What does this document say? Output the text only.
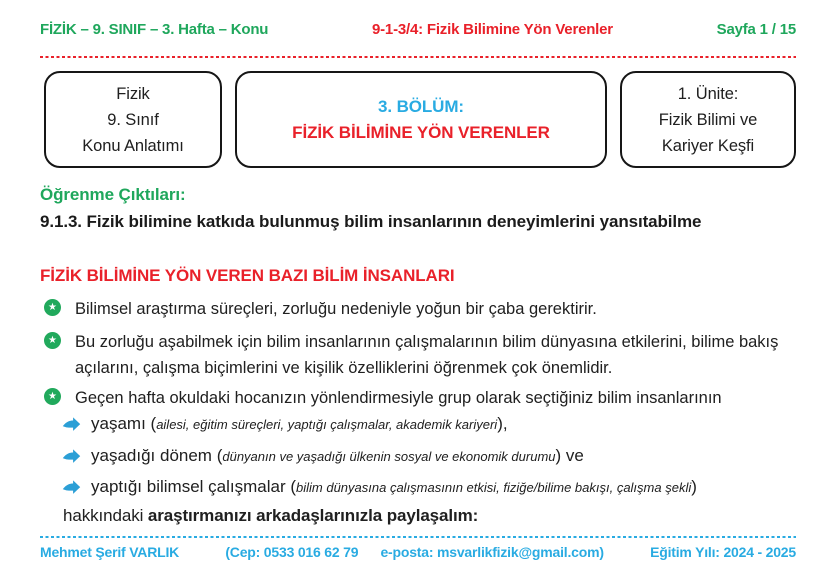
FİZİK – 9. SINIF – 3. Hafta – Konu	9-1-3/4: Fizik Bilimine Yön Verenler	Sayfa 1 / 15
Fizik
9. Sınıf
Konu Anlatımı
3. BÖLÜM:
FİZİK BİLİMİNE YÖN VERENLER
1. Ünite:
Fizik Bilimi ve
Kariyer Keşfi
Öğrenme Çıktıları:
9.1.3. Fizik bilimine katkıda bulunmuş bilim insanlarının deneyimlerini yansıtabilme
FİZİK BİLİMİNE YÖN VEREN BAZI BİLİM İNSANLARI
★ Bilimsel araştırma süreçleri, zorluğu nedeniyle yoğun bir çaba gerektirir.
★ Bu zorluğu aşabilmek için bilim insanlarının çalışmalarının bilim dünyasına etkilerini, bilime bakış açılarını, çalışma biçimlerini ve kişilik özelliklerini öğrenmek çok önemlidir.
★ Geçen hafta okuldaki hocanızın yönlendirmesiyle grup olarak seçtiğiniz bilim insanlarının
yaşamı ( ailesi, eğitim süreçleri, yaptığı çalışmalar, akademik kariyeri ),
yaşadığı dönem ( dünyanın ve yaşadığı ülkenin sosyal ve ekonomik durumu ) ve
yaptığı bilimsel çalışmalar ( bilim dünyasına çalışmasının etkisi, fiziğe/bilime bakışı, çalışma şekli )
hakkındaki araştırmanızı arkadaşlarınızla paylaşalım:
Mehmet Şerif VARLIK	(Cep: 0533 016 62 79      e-posta: msvarlikfizik@gmail.com)	Eğitim Yılı: 2024 - 2025
